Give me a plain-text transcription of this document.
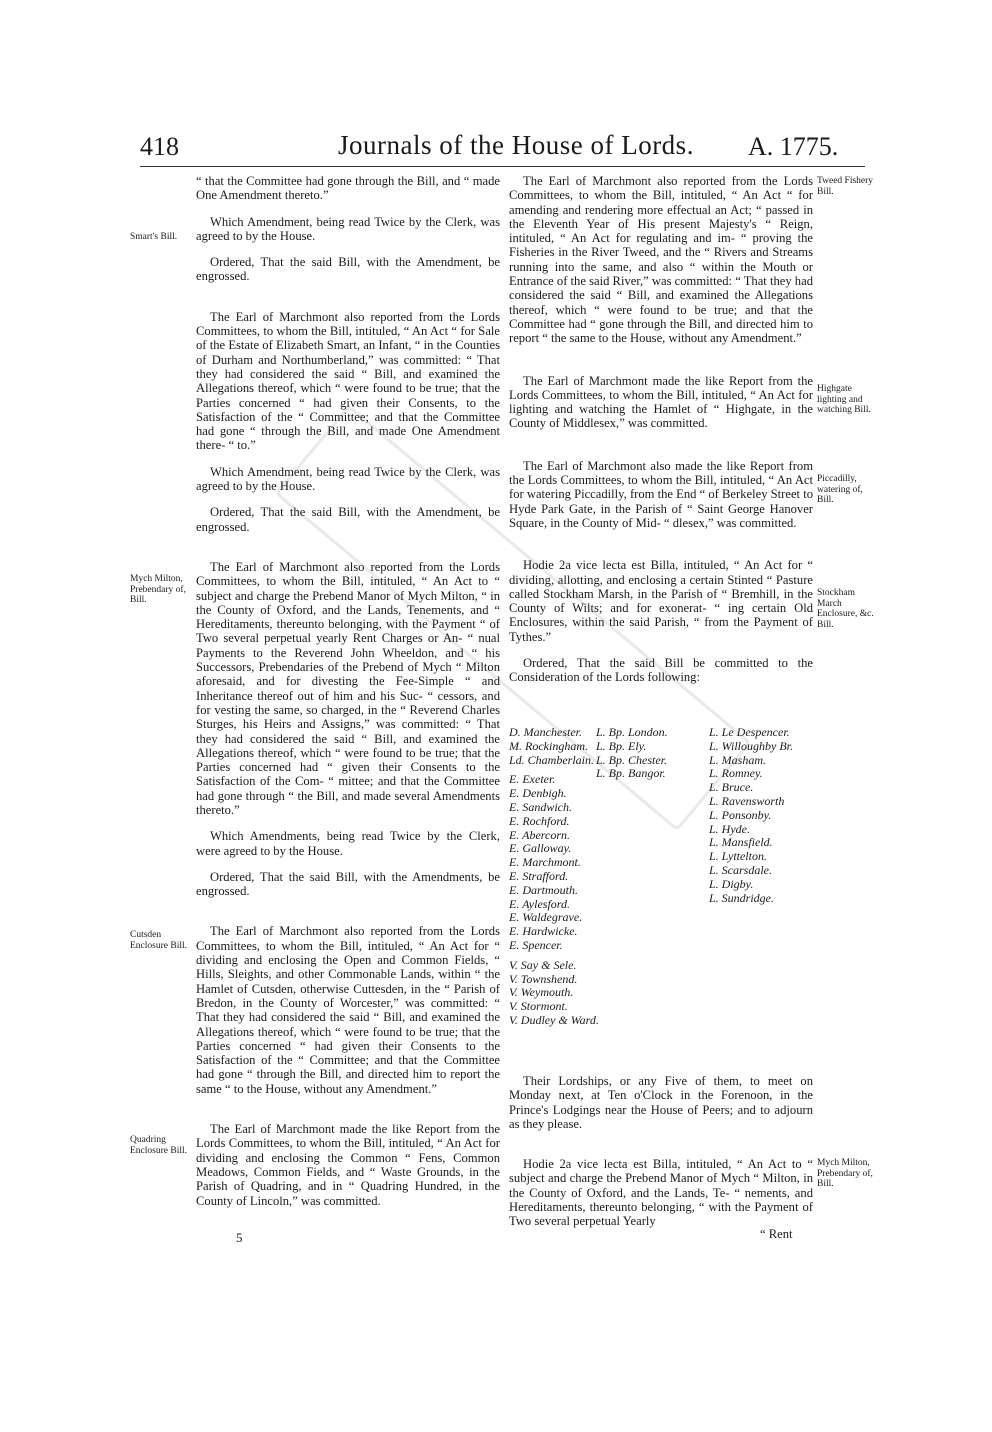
418	Journals of the House of Lords. A. 1775.
Smart's Bill.
Mych Milton, Prebendary of, Bill.
Cutsden Enclosure Bill.
Quadring Enclosure Bill.

“ that the Committee had gone through the Bill, and “ made One Amendment thereto.”

Which Amendment, being read Twice by the Clerk, was agreed to by the House.

Ordered, That the said Bill, with the Amendment, be engrossed.

The Earl of Marchmont also reported from the Lords Committees, to whom the Bill, intituled, “ An Act “ for Sale of the Estate of Elizabeth Smart, an Infant, “ in the Counties of Durham and Northumberland,” was committed: “ That they had considered the said “ Bill, and examined the Allegations thereof, which “ were found to be true; that the Parties concerned “ had given their Consents, to the Satisfaction of the “ Committee; and that the Committee had gone “ through the Bill, and made One Amendment there- “ to.”

Which Amendment, being read Twice by the Clerk, was agreed to by the House.

Ordered, That the said Bill, with the Amendment, be engrossed.

The Earl of Marchmont also reported from the Lords Committees, to whom the Bill, intituled, “ An Act to “ subject and charge the Prebend Manor of Mych Milton, “ in the County of Oxford, and the Lands, Tenements, and “ Hereditaments, thereunto belonging, with the Payment “ of Two several perpetual yearly Rent Charges or An- “ nual Payments to the Reverend John Wheeldon, and “ his Successors, Prebendaries of the Prebend of Mych “ Milton aforesaid, and for divesting the Fee-Simple “ and Inheritance thereof out of him and his Suc- “ cessors, and for vesting the same, so charged, in the “ Reverend Charles Sturges, his Heirs and Assigns,” was committed: “ That they had considered the said “ Bill, and examined the Allegations thereof, which “ were found to be true; that the Parties concerned had “ given their Consents to the Satisfaction of the Com- “ mittee; and that the Committee had gone through “ the Bill, and made several Amendments thereto.”

Which Amendments, being read Twice by the Clerk, were agreed to by the House.

Ordered, That the said Bill, with the Amendments, be engrossed.

The Earl of Marchmont also reported from the Lords Committees, to whom the Bill, intituled, “ An Act for “ dividing and enclosing the Open and Common Fields, “ Hills, Sleights, and other Commonable Lands, within “ the Hamlet of Cutsden, otherwise Cuttesden, in the “ Parish of Bredon, in the County of Worcester,” was committed: “ That they had considered the said “ Bill, and examined the Allegations thereof, which “ were found to be true; that the Parties concerned “ had given their Consents to the Satisfaction of the “ Committee; and that the Committee had gone “ through the Bill, and directed him to report the same “ to the House, without any Amendment.”

The Earl of Marchmont made the like Report from the Lords Committees, to whom the Bill, intituled, “ An Act for dividing and enclosing the Common “ Fens, Common Meadows, Common Fields, and “ Waste Grounds, in the Parish of Quadring, and in “ Quadring Hundred, in the County of Lincoln,” was committed.

Tweed Fishery Bill.
Highgate lighting and watching Bill.
Piccadilly, watering of, Bill.
Stockham March Enclosure, &c. Bill.
Mych Milton, Prebendary of, Bill.

The Earl of Marchmont also reported from the Lords Committees, to whom the Bill, intituled, “ An Act “ for amending and rendering more effectual an Act; “ passed in the Eleventh Year of His present Majesty's “ Reign, intituled, “ An Act for regulating and im- “ proving the Fisheries in the River Tweed, and the “ Rivers and Streams running into the same, and also “ within the Mouth or Entrance of the said River,” was committed: “ That they had considered the said “ Bill, and examined the Allegations thereof, which “ were found to be true; and that the Committee had “ gone through the Bill, and directed him to report “ the same to the House, without any Amendment.”

The Earl of Marchmont made the like Report from the Lords Committees, to whom the Bill, intituled, “ An Act for lighting and watching the Hamlet of “ Highgate, in the County of Middlesex,” was committed.

The Earl of Marchmont also made the like Report from the Lords Committees, to whom the Bill, intituled, “ An Act for watering Piccadilly, from the End “ of Berkeley Street to Hyde Park Gate, in the Parish of “ Saint George Hanover Square, in the County of Mid- “ dlesex,” was committed.

Hodie 2a vice lecta est Billa, intituled, “ An Act for “ dividing, allotting, and enclosing a certain Stinted “ Pasture called Stockham Marsh, in the Parish of “ Bremhill, in the County of Wilts; and for exonerat- “ ing certain Old Enclosures, within the said Parish, “ from the Payment of Tythes.”

Ordered, That the said Bill be committed to the Consideration of the Lords following:

D. Manchester.
M. Rockingham.
Ld. Chamberlain.
E. Exeter.
E. Denbigh.
E. Sandwich.
E. Rochford.
E. Abercorn.
E. Galloway.
E. Marchmont.
E. Strafford.
E. Dartmouth.
E. Aylesford.
E. Waldegrave.
E. Hardwicke.
E. Spencer.
V. Say & Sele.
V. Townshend.
V. Weymouth.
V. Stormont.
V. Dudley & Ward.
L. Bp. London.
L. Bp. Ely.
L. Bp. Chester.
L. Bp. Bangor.
L. Le Despencer.
L. Willoughby Br.
L. Masham.
L. Romney.
L. Bruce.
L. Ravensworth
L. Ponsonby.
L. Hyde.
L. Mansfield.
L. Lyttelton.
L. Scarsdale.
L. Digby.
L. Sundridge.

Their Lordships, or any Five of them, to meet on Monday next, at Ten o'Clock in the Forenoon, in the Prince's Lodgings near the House of Peers; and to adjourn as they please.

Hodie 2a vice lecta est Billa, intituled, “ An Act to “ subject and charge the Prebend Manor of Mych “ Milton, in the County of Oxford, and the Lands, Te- “ nements, and Hereditaments, thereunto belonging, “ with the Payment of Two several perpetual Yearly

5	“ Rent
